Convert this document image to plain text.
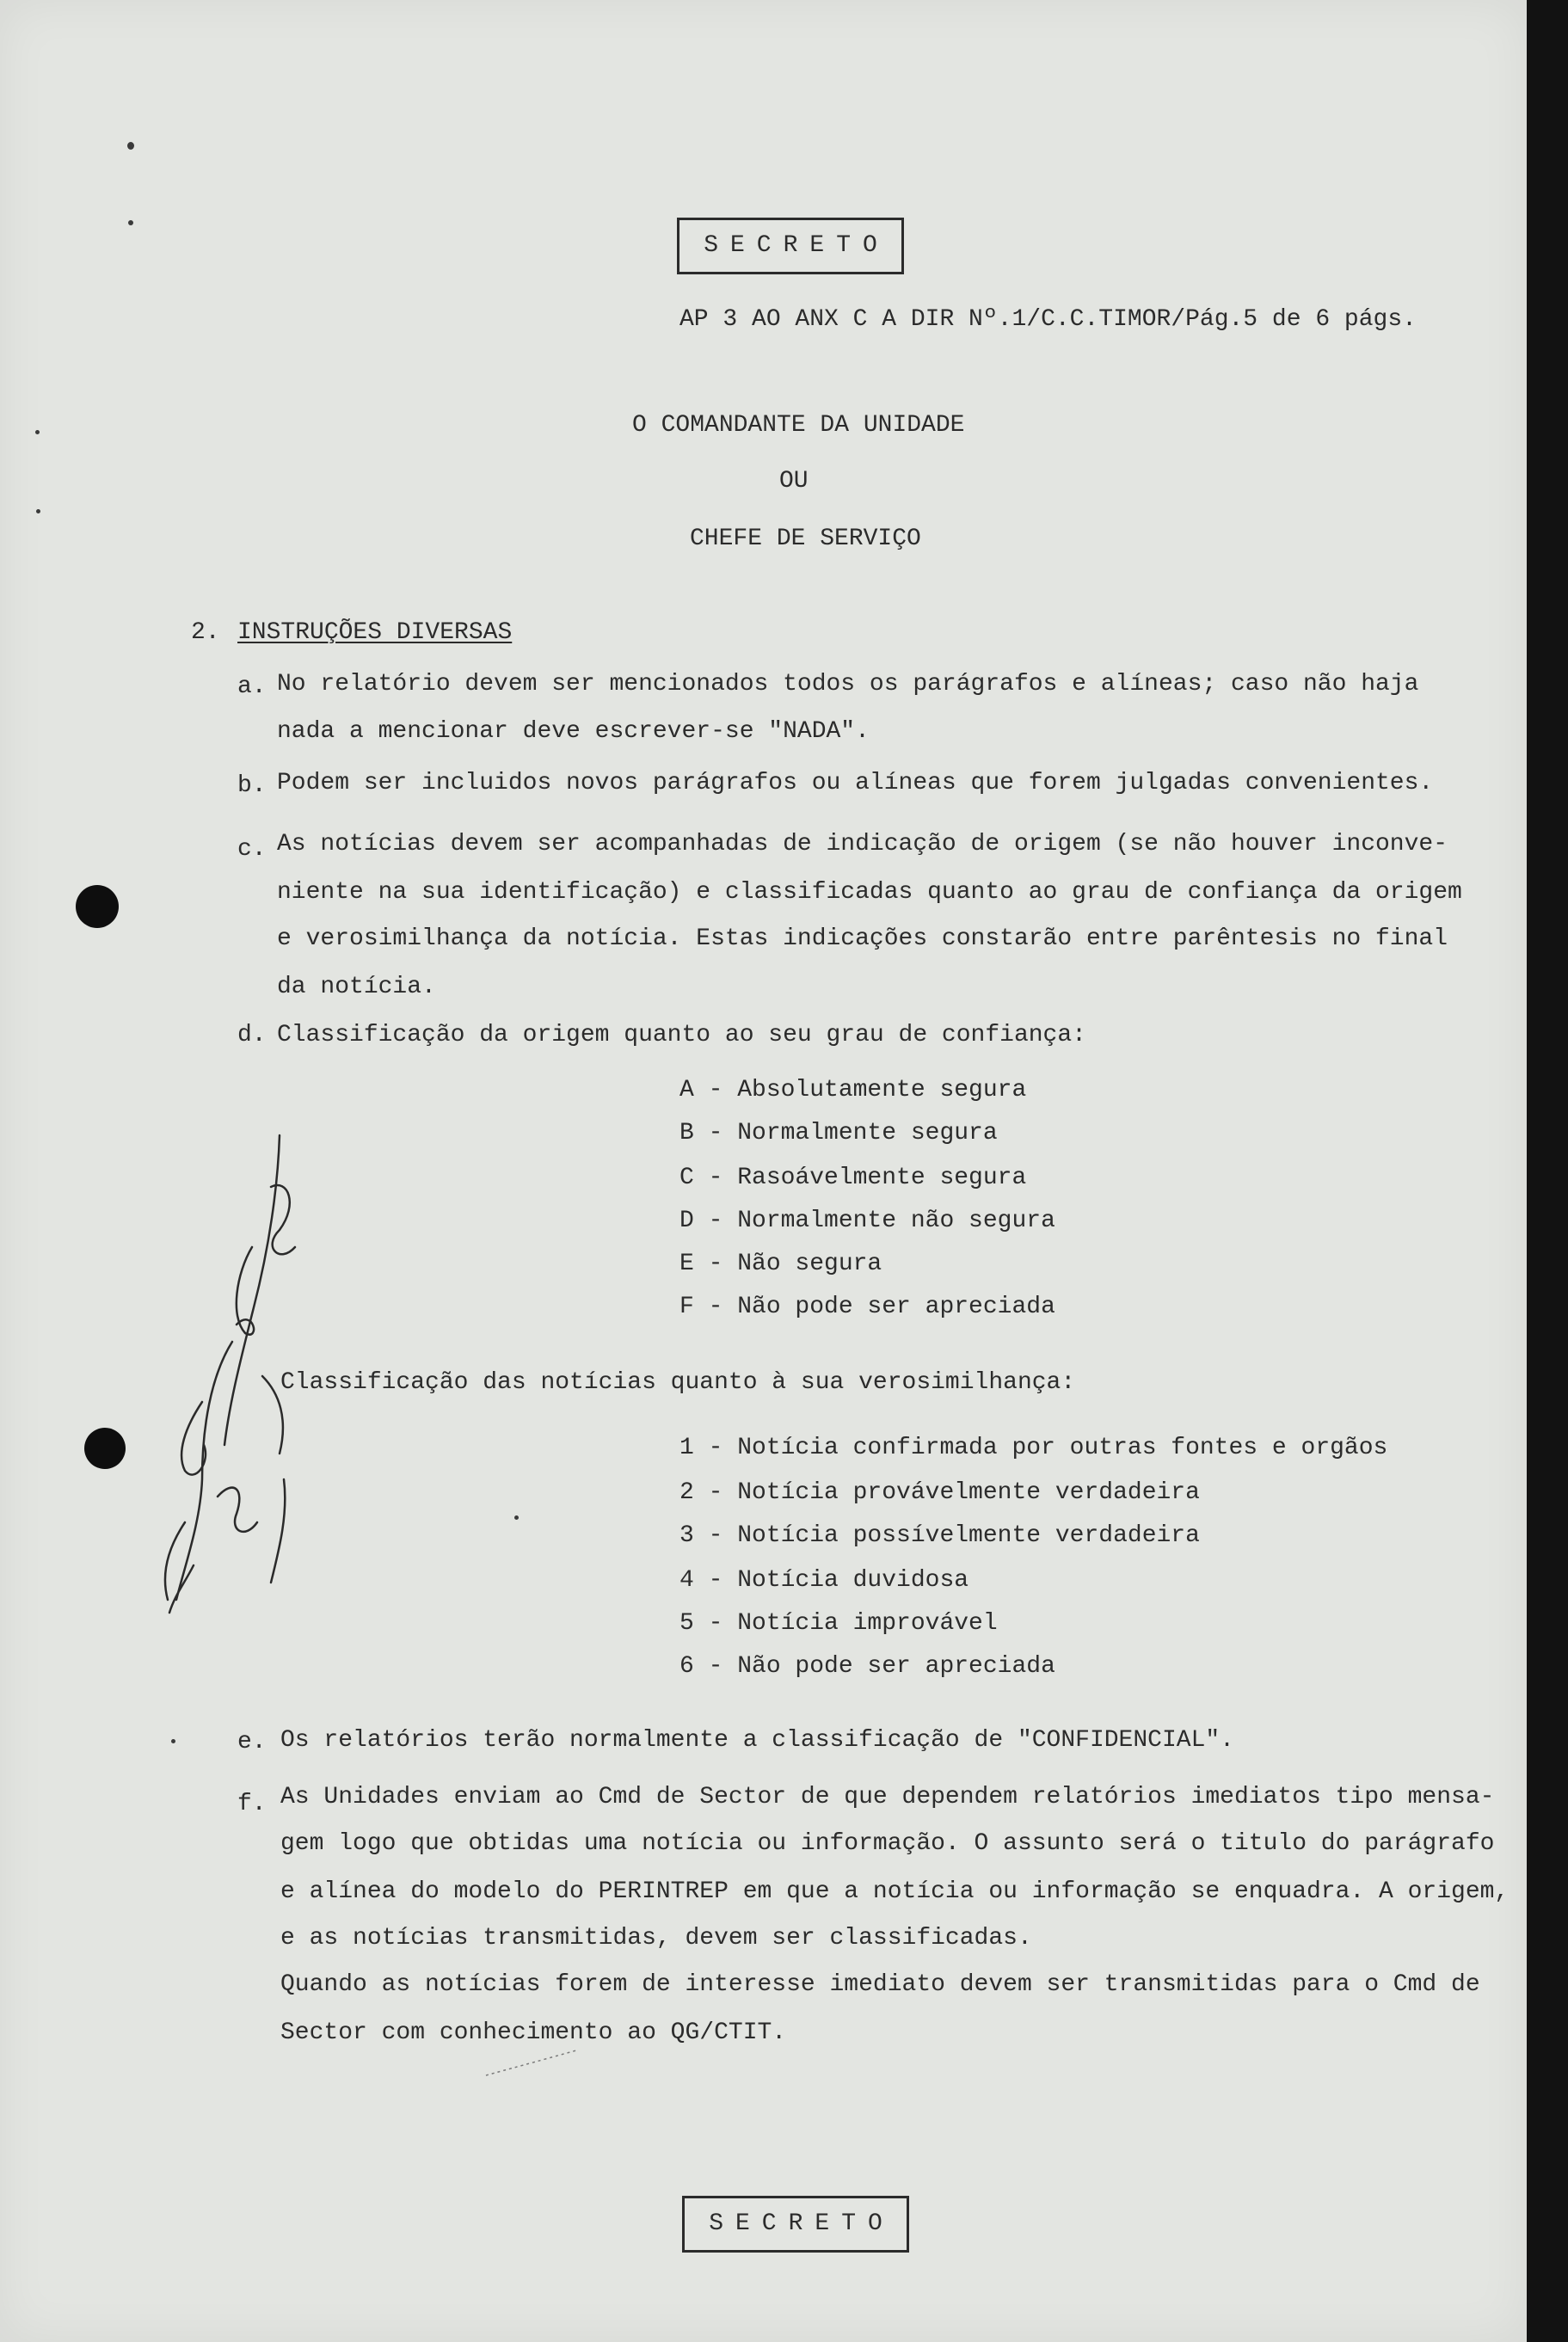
SECRETO
AP 3 AO ANX C A DIR Nº.1/C.C.TIMOR/Pág.5 de 6 págs.
O COMANDANTE DA UNIDADE
OU
CHEFE DE SERVIÇO
2. INSTRUÇÕES DIVERSAS
a. No relatório devem ser mencionados todos os parágrafos e alíneas; caso não haja
nada a mencionar deve escrever-se "NADA".
b. Podem ser incluidos novos parágrafos ou alíneas que forem julgadas convenientes.
c. As notícias devem ser acompanhadas de indicação de origem (se não houver inconve-
niente na sua identificação) e classificadas quanto ao grau de confiança da origem
e verosimilhança da notícia. Estas indicações constarão entre parêntesis no final
da notícia.
d. Classificação da origem quanto ao seu grau de confiança:
A - Absolutamente segura
B - Normalmente segura
C - Rasoávelmente segura
D - Normalmente não segura
E - Não segura
F - Não pode ser apreciada
Classificação das notícias quanto à sua verosimilhança:
1 - Notícia confirmada por outras fontes e orgãos
2 - Notícia provávelmente verdadeira
3 - Notícia possívelmente verdadeira
4 - Notícia duvidosa
5 - Notícia improvável
6 - Não pode ser apreciada
e. Os relatórios terão normalmente a classificação de "CONFIDENCIAL".
f. As Unidades enviam ao Cmd de Sector de que dependem relatórios imediatos tipo mensa-
gem logo que obtidas uma notícia ou informação. O assunto será o titulo do parágrafo
e alínea do modelo do PERINTREP em que a notícia ou informação se enquadra. A origem,
e as notícias transmitidas, devem ser classificadas.
Quando as notícias forem de interesse imediato devem ser transmitidas para o Cmd de
Sector com conhecimento ao QG/CTIT.
SECRETO
